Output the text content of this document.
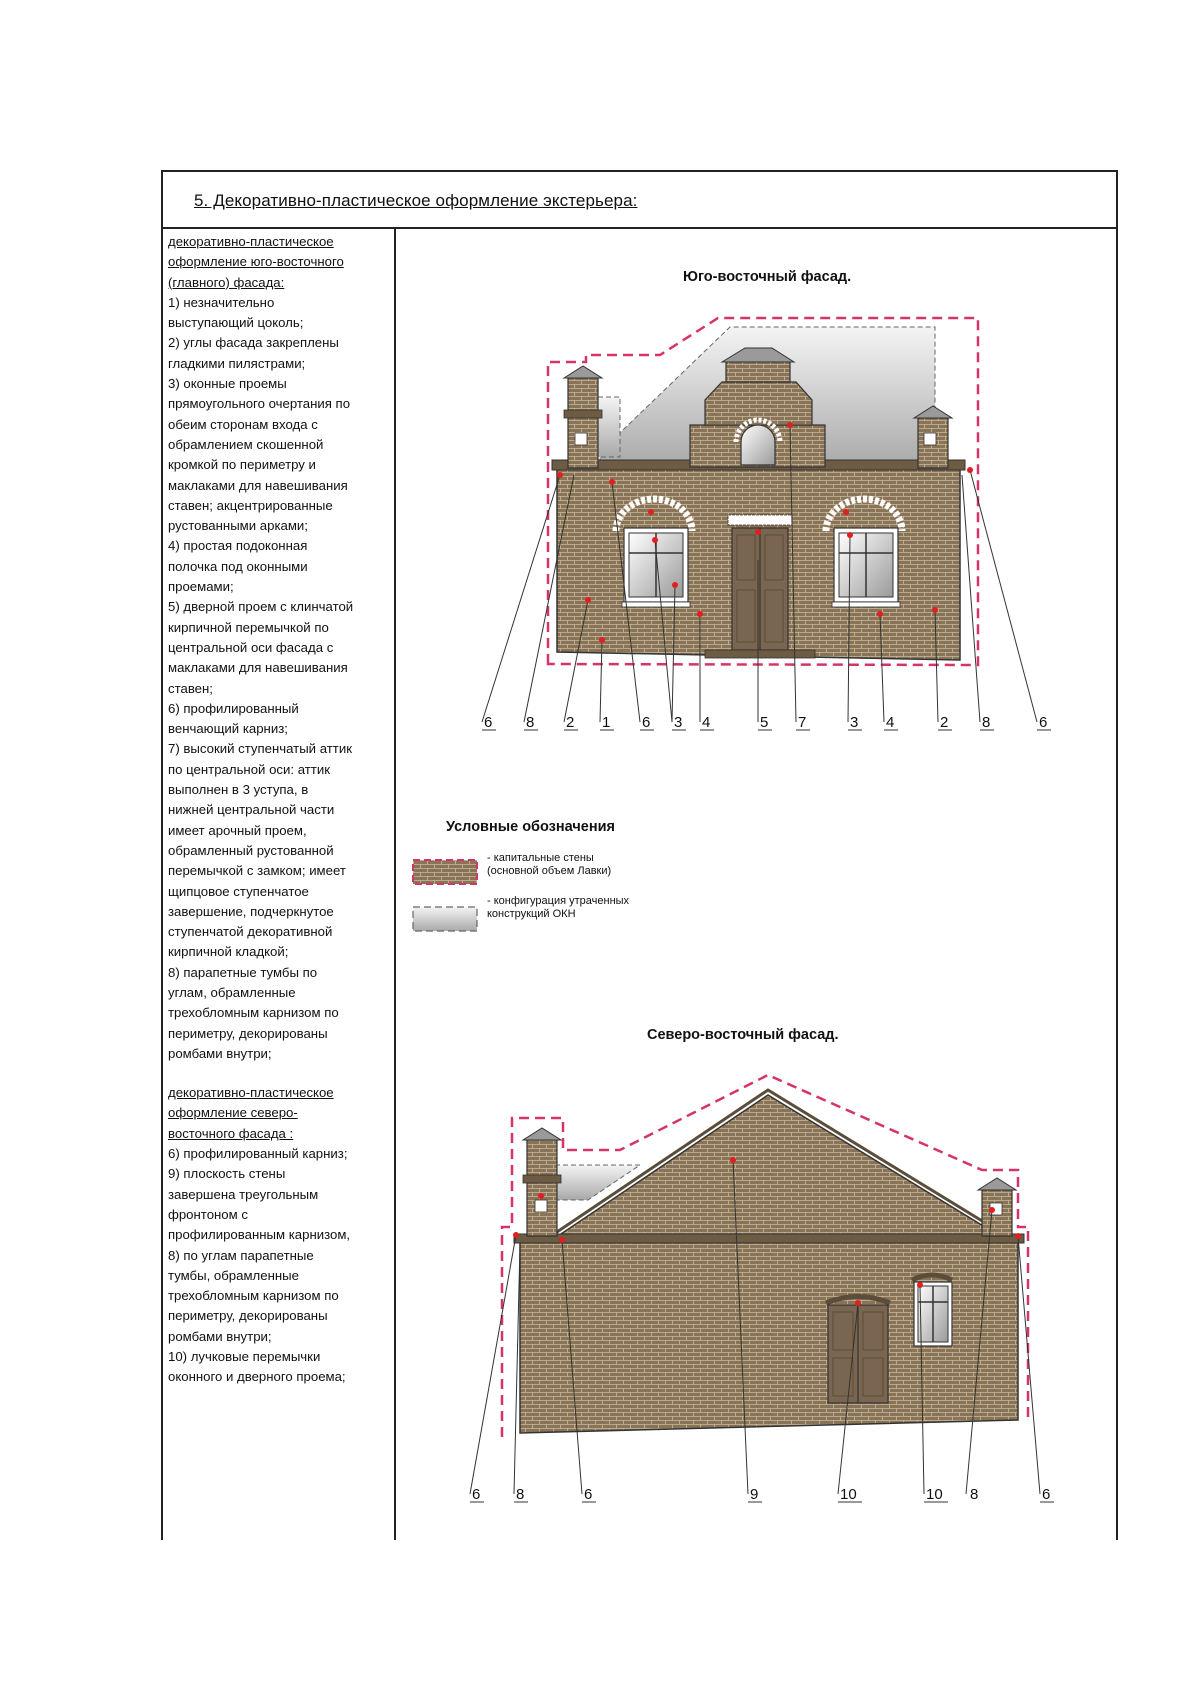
5. Декоративно-пластическое оформление экстерьера:

декоративно-пластическое

оформление юго-восточного

(главного) фасада:

1) незначительно

выступающий цоколь;

2) углы фасада закреплены

гладкими пилястрами;

3) оконные проемы

прямоугольного очертания по

обеим сторонам входа с

обрамлением скошенной

кромкой по периметру и

маклаками для навешивания

ставен; акцентрированные

рустованными арками;

4) простая подоконная

полочка под оконными

проемами;

5) дверной проем с клинчатой

кирпичной перемычкой по

центральной оси фасада с

маклаками для навешивания

ставен;

6) профилированный

венчающий карниз;

7) высокий ступенчатый аттик

по центральной оси: аттик

выполнен в 3 уступа, в

нижней центральной части

имеет арочный проем,

обрамленный рустованной

перемычкой с замком; имеет

щипцовое ступенчатое

завершение, подчеркнутое

ступенчатой декоративной

кирпичной кладкой;

8) парапетные тумбы по

углам, обрамленные

трехобломным карнизом по

периметру, декорированы

ромбами внутри;

декоративно-пластическое

оформление северо-

восточного фасада :

6) профилированный карниз;

9) плоскость стены

завершена треугольным

фронтоном с

профилированным карнизом,

8) по углам парапетные

тумбы, обрамленные

трехобломным карнизом по

периметру, декорированы

ромбами внутри;

10) лучковые перемычки

оконного и дверного проема;

Юго-восточный фасад.
Северо-восточный фасад.
Условные обозначения
- капитальные стены
(основной объем Лавки)
- конфигурация утраченных
конструкций ОКН
6 8 2 1 6 3 4	5 7	3 4	2 8	6
6 8	6	9	10	10 8	6
